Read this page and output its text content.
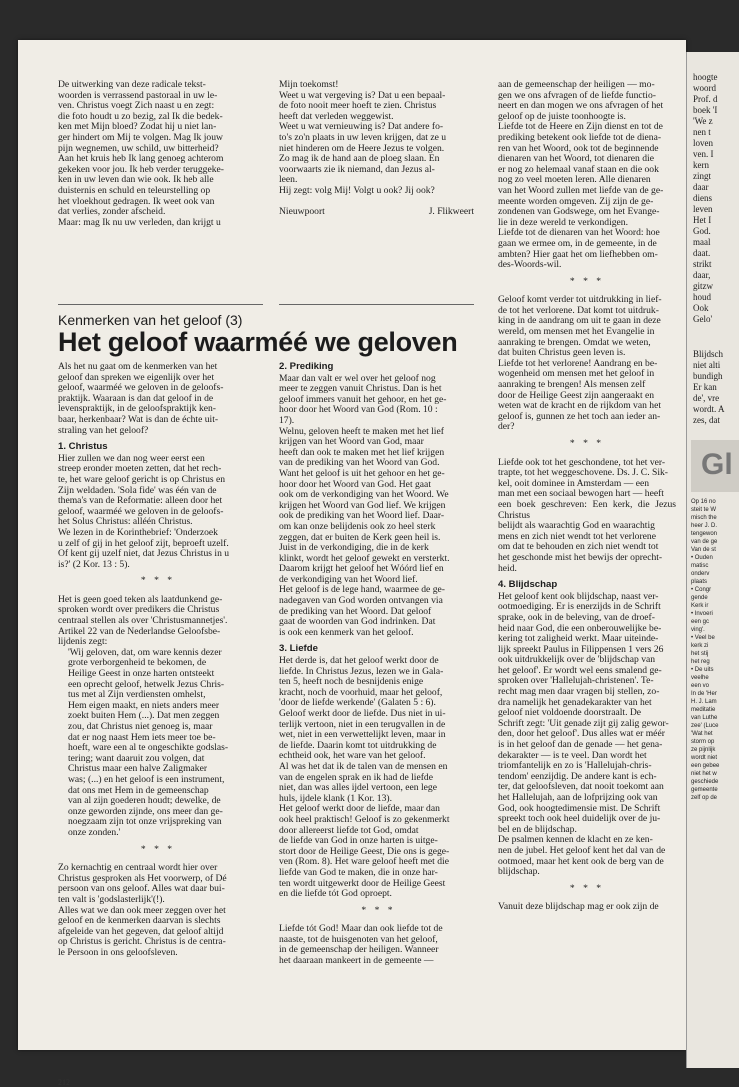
De uitwerking van deze radicale tekst-
woorden is verrassend pastoraal in uw le-
ven. Christus voegt Zich naast u en zegt:
die foto houdt u zo bezig, zal Ik die bedek-
ken met Mijn bloed? Zodat hij u niet lan-
ger hindert om Mij te volgen. Mag Ik jouw
pijn wegnemen, uw schild, uw bitterheid?
Aan het kruis heb Ik lang genoeg achterom
gekeken voor jou. Ik heb verder teruggeke-
ken in uw leven dan wie ook. Ik heb alle
duisternis en schuld en teleurstelling op
het vloekhout gedragen. Ik weet ook van
dat verlies, zonder afscheid.
Maar: mag Ik nu uw verleden, dan krijgt u
Mijn toekomst!
Weet u wat vergeving is? Dat u een bepaal-
de foto nooit meer hoeft te zien. Christus
heeft dat verleden weggewist.
Weet u wat vernieuwing is? Dat andere fo-
to's zo'n plaats in uw leven krijgen, dat ze u
niet hinderen om de Heere Jezus te volgen.
Zo mag ik de hand aan de ploeg slaan. En
voorwaarts zie ik niemand, dan Jezus al-
leen.
Hij zegt: volg Mij! Volgt u ook? Jij ook?
Nieuwpoort	J. Flikweert
Kenmerken van het geloof (3)
Het geloof waarméé we geloven
Als het nu gaat om de kenmerken van het
geloof dan spreken we eigenlijk over het
geloof, waarméé we geloven in de geloofs-
praktijk. Waaraan is dan dat geloof in de
levenspraktijk, in de geloofspraktijk ken-
baar, herkenbaar? Wat is dan de échte uit-
straling van het geloof?
1. Christus
Hier zullen we dan nog weer eerst een
streep eronder moeten zetten, dat het rech-
te, het ware geloof gericht is op Christus en
Zijn weldaden. 'Sola fide' was één van de
thema's van de Reformatie: alleen door het
geloof, waarméé we geloven in de geloofs-
het Solus Christus: alléén Christus.
We lezen in de Korinthebrief: 'Onderzoek
u zelf of gij in het geloof zijt, beproeft uzelf.
Of kent gij uzelf niet, dat Jezus Christus in u
is?' (2 Kor. 13 : 5).
* * *
Het is geen goed teken als laatdunkend ge-
sproken wordt over predikers die Christus
centraal stellen als over 'Christusmannetjes'.
Artikel 22 van de Nederlandse Geloofsbe-
lijdenis zegt:
'Wij geloven, dat, om ware kennis dezer
grote verborgenheid te bekomen, de
Heilige Geest in onze harten ontsteekt
een oprecht geloof, hetwelk Jezus Chris-
tus met al Zijn verdiensten omhelst,
Hem eigen maakt, en niets anders meer
zoekt buiten Hem (...). Dat men zeggen
zou, dat Christus niet genoeg is, maar
dat er nog naast Hem iets meer toe be-
hoeft, ware een al te ongeschikte godslas-
tering; want daaruit zou volgen, dat
Christus maar een halve Zaligmaker
was; (...) en het geloof is een instrument,
dat ons met Hem in de gemeenschap
van al zijn goederen houdt; dewelke, de
onze geworden zijnde, ons meer dan ge-
noegzaam zijn tot onze vrijspreking van
onze zonden.'
* * *
Zo kernachtig en centraal wordt hier over
Christus gesproken als Het voorwerp, of Dé
persoon van ons geloof. Alles wat daar bui-
ten valt is 'godslasterlijk'(!).
Alles wat we dan ook meer zeggen over het
geloof en de kenmerken daarvan is slechts
afgeleide van het gegeven, dat geloof altijd
op Christus is gericht. Christus is de centra-
le Persoon in ons geloofsleven.
2. Prediking
Maar dan valt er wel over het geloof nog
meer te zeggen vanuit Christus. Dan is het
geloof immers vanuit het gehoor, en het ge-
hoor door het Woord van God (Rom. 10 :
17).
Welnu, geloven heeft te maken met het lief
krijgen van het Woord van God, maar
heeft dan ook te maken met het lief krijgen
van de prediking van het Woord van God.
Want het geloof is uit het gehoor en het ge-
hoor door het Woord van God. Het gaat
ook om de verkondiging van het Woord. We
krijgen het Woord van God lief. We krijgen
ook de prediking van het Woord lief. Daar-
om kan onze belijdenis ook zo heel sterk
zeggen, dat er buiten de Kerk geen heil is.
Juist in de verkondiging, die in de kerk
klinkt, wordt het geloof gewekt en versterkt.
Daarom krijgt het geloof het Wóórd lief en
de verkondiging van het Woord lief.
Het geloof is de lege hand, waarmee de ge-
nadegaven van God worden ontvangen via
de prediking van het Woord. Dat geloof
gaat de woorden van God indrinken. Dat
is ook een kenmerk van het geloof.
3. Liefde
Het derde is, dat het geloof werkt door de
liefde. In Christus Jezus, lezen we in Gala-
ten 5, heeft noch de besnijdenis enige
kracht, noch de voorhuid, maar het geloof,
'door de liefde werkende' (Galaten 5 : 6).
Geloof werkt door de liefde. Dus niet in ui-
terlijk vertoon, niet in een terugvallen in de
wet, niet in een verwettelijkt leven, maar in
de liefde. Daarin komt tot uitdrukking de
echtheid ook, het ware van het geloof.
Al was het dat ik de talen van de mensen en
van de engelen sprak en ik had de liefde
niet, dan was alles ijdel vertoon, een lege
huls, ijdele klank (1 Kor. 13).
Het geloof werkt door de liefde, maar dan
ook heel praktisch! Geloof is zo gekenmerkt
door allereerst liefde tot God, omdat
de liefde van God in onze harten is uitge-
stort door de Heilige Geest, Die ons is gege-
ven (Rom. 8). Het ware geloof heeft met die
liefde van God te maken, die in onze har-
ten wordt uitgewerkt door de Heilige Geest
en die liefde tót God oproept.
* * *
Liefde tót God! Maar dan ook liefde tot de
naaste, tot de huisgenoten van het geloof,
in de gemeenschap der heiligen. Wanneer
het daaraan mankeert in de gemeente —
aan de gemeenschap der heiligen — mo-
gen we ons afvragen of de liefde functio-
neert en dan mogen we ons afvragen of het
geloof op de juiste toonhoogte is.
Liefde tot de Heere en Zijn dienst en tot de
prediking betekent ook liefde tot de diena-
ren van het Woord, ook tot de beginnende
dienaren van het Woord, tot dienaren die
er nog zo helemaal vanaf staan en die ook
nog zo veel moeten leren. Alle dienaren
van het Woord zullen met liefde van de ge-
meente worden omgeven. Zij zijn de ge-
zondenen van Godswege, om het Evange-
lie in deze wereld te verkondigen.
Liefde tot de dienaren van het Woord: hoe
gaan we ermee om, in de gemeente, in de
ambten? Hier gaat het om liefhebben om-
des-Woords-wil.
* * *
Geloof komt verder tot uitdrukking in lief-
de tot het verlorene. Dat komt tot uitdruk-
king in de aandrang om uit te gaan in deze
wereld, om mensen met het Evangelie in
aanraking te brengen. Omdat we weten,
dat buiten Christus geen leven is.
Liefde tot het verlorene! Aandrang en be-
wogenheid om mensen met het geloof in
aanraking te brengen! Als mensen zelf
door de Heilige Geest zijn aangeraakt en
weten wat de kracht en de rijkdom van het
geloof is, gunnen ze het toch aan ieder an-
der?
* * *
Liefde ook tot het geschondene, tot het ver-
trapte, tot het weggeschovene. Ds. J. C. Sik-
kel, ooit dominee in Amsterdam — een
man met een sociaal bewogen hart — heeft
een boek geschreven: Een kerk, die Jezus Christus
belijdt als waarachtig God en waarachtig
mens en zich niet wendt tot het verlorene
om dat te behouden en zich niet wendt tot
het geschonde mist het bewijs der oprecht-
heid.
4. Blijdschap
Het geloof kent ook blijdschap, naast ver-
ootmoediging. Er is enerzijds in de Schrift
sprake, ook in de beleving, van de droef-
heid naar God, die een onberouwelijke be-
kering tot zaligheid werkt. Maar uiteinde-
lijk spreekt Paulus in Filippensen 1 vers 26
ook uitdrukkelijk over de 'blijdschap van
het geloof'. Er wordt wel eens smalend ge-
sproken over 'Hallelujah-christenen'. Te-
recht mag men daar vragen bij stellen, zo-
dra namelijk het genadekarakter van het
geloof niet voldoende doorstraalt. De
Schrift zegt: 'Uit genade zijt gij zalig gewor-
den, door het geloof'. Dus alles wat er méér
is in het geloof dan de genade — het gena-
dekarakter — is te veel. Dan wordt het
triomfantelijk en zo is 'Hallelujah-chris-
tendom' eenzijdig. De andere kant is ech-
ter, dat geloofsleven, dat nooit toekomt aan
het Hallelujah, aan de lofprijzing ook van
God, ook hoogtedimensie mist. De Schrift
spreekt toch ook heel duidelijk over de ju-
bel en de blijdschap.
De psalmen kennen de klacht en ze ken-
nen de jubel. Het geloof kent het dal van de
ootmoed, maar het kent ook de berg van de
blijdschap.
* * *

Vanuit deze blijdschap mag er ook zijn de

212
hoogte
woord
Prof. d
boek 'I
'We z
nen t
loven
ven. I
kern
zingt
daar
diens
leven
Het I
God.
maal
daat.
strikt
daar,
gitzw
houd
Ook
Gelo'
Blijdsch
niet alti
bundigh
Er kan
de', vre
wordt. A
zes, dat
Gl
Op 16 no
steit te W
misch the
heer J. D.
tengewon
van de ge
Van de st
• Ouden
matisc
onderv
plaats
• Congr
gende
Kerk ir
• Invoeri
een gc
ving'.
• Veel be
kerk zi
het stij
het reg
• De uits
veelhe
een vo
In de 'Her
H. J. Lam
meditatie
van Luthe
zee' (Luce
'Wat het
storm op
ze pijnlijk
wordt niet
een gebee
niet het w
geschiede
gemeente
zelf op de
